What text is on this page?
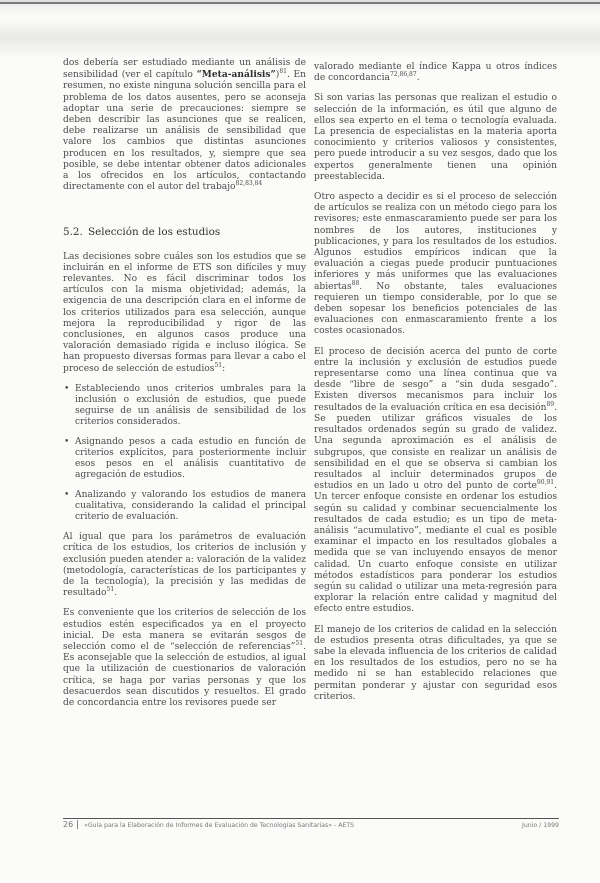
dos debería ser estudiado mediante un análisis de sensibilidad (ver el capítulo “Meta-análisis”)$^{81}$. En resumen, no existe ninguna solución sencilla para el problema de los datos ausentes, pero se aconseja adoptar una serie de precauciones: siempre se deben describir las asunciones que se realicen, debe realizarse un análisis de sensibilidad que valore los cambios que distintas asunciones producen en los resultados, y, siempre que sea posible, se debe intentar obtener datos adicionales a los ofrecidos en los artículos, contactando directamente con el autor del trabajo$^{82,83,84}$

5.2. Selección de los estudios

Las decisiones sobre cuáles son los estudios que se incluirán en el informe de ETS son difíciles y muy relevantes. No es fácil discriminar todos los artículos con la misma objetividad; además, la exigencia de una descripción clara en el informe de los criterios utilizados para esa selección, aunque mejora la reproducibilidad y rigor de las conclusiones, en algunos casos produce una valoración demasiado rígida e incluso ilógica. Se han propuesto diversas formas para llevar a cabo el proceso de selección de estudios$^{51}$:

• Estableciendo unos criterios umbrales para la inclusión o exclusión de estudios, que puede seguirse de un análisis de sensibilidad de los criterios considerados.
• Asignando pesos a cada estudio en función de criterios explícitos, para posteriormente incluir esos pesos en el análisis cuantitativo de agregación de estudios.
• Analizando y valorando los estudios de manera cualitativa, considerando la calidad el principal criterio de evaluación.

Al igual que para los parámetros de evaluación crítica de los estudios, los criterios de inclusión y exclusión pueden atender a: valoración de la validez (metodología, características de los participantes y de la tecnología), la precisión y las medidas de resultado$^{51}$.

Es conveniente que los criterios de selección de los estudios estén especificados ya en el proyecto inicial. De esta manera se evitarán sesgos de selección como el de “selección de referencias”$^{51}$. Es aconsejable que la selección de estudios, al igual que la utilización de cuestionarios de valoración crítica, se haga por varias personas y que los desacuerdos sean discutidos y resueltos. El grado de concordancia entre los revisores puede ser

valorado mediante el índice Kappa u otros índices de concordancia$^{72,86,87}$.

Si son varias las personas que realizan el estudio o selección de la información, es útil que alguno de ellos sea experto en el tema o tecnología evaluada. La presencia de especialistas en la materia aporta conocimiento y criterios valiosos y consistentes, pero puede introducir a su vez sesgos, dado que los expertos generalmente tienen una opinión preestablecida.

Otro aspecto a decidir es si el proceso de selección de artículos se realiza con un método ciego para los revisores; este enmascaramiento puede ser para los nombres de los autores, instituciones y publicaciones, y para los resultados de los estudios. Algunos estudios empíricos indican que la evaluación a ciegas puede producir puntuaciones inferiores y más uniformes que las evaluaciones abiertas$^{88}$. No obstante, tales evaluaciones requieren un tiempo considerable, por lo que se deben sopesar los beneficios potenciales de las evaluaciones con enmascaramiento frente a los costes ocasionados.

El proceso de decisión acerca del punto de corte entre la inclusión y exclusión de estudios puede representarse como una línea continua que va desde “libre de sesgo” a “sin duda sesgado”. Existen diversos mecanismos para incluir los resultados de la evaluación crítica en esa decisión$^{89}$. Se pueden utilizar gráficos visuales de los resultados ordenados según su grado de validez. Una segunda aproximación es el análisis de subgrupos, que consiste en realizar un análisis de sensibilidad en el que se observa si cambian los resultados al incluir determinados grupos de estudios en un lado u otro del punto de corte$^{90,91}$. Un tercer enfoque consiste en ordenar los estudios según su calidad y combinar secuencialmente los resultados de cada estudio; es un tipo de meta-análisis “acumulativo”, mediante el cual es posible examinar el impacto en los resultados globales a medida que se van incluyendo ensayos de menor calidad. Un cuarto enfoque consiste en utilizar métodos estadísticos para ponderar los estudios según su calidad o utilizar una meta-regresión para explorar la relación entre calidad y magnitud del efecto entre estudios.

El manejo de los criterios de calidad en la selección de estudios presenta otras dificultades, ya que se sabe la elevada influencia de los criterios de calidad en los resultados de los estudios, pero no se ha medido ni se han establecido relaciones que permitan ponderar y ajustar con seguridad esos criterios.

26 «Guía para la Elaboración de Informes de Evaluación de Tecnologías Sanitarias» - AETS	Junio / 1999
